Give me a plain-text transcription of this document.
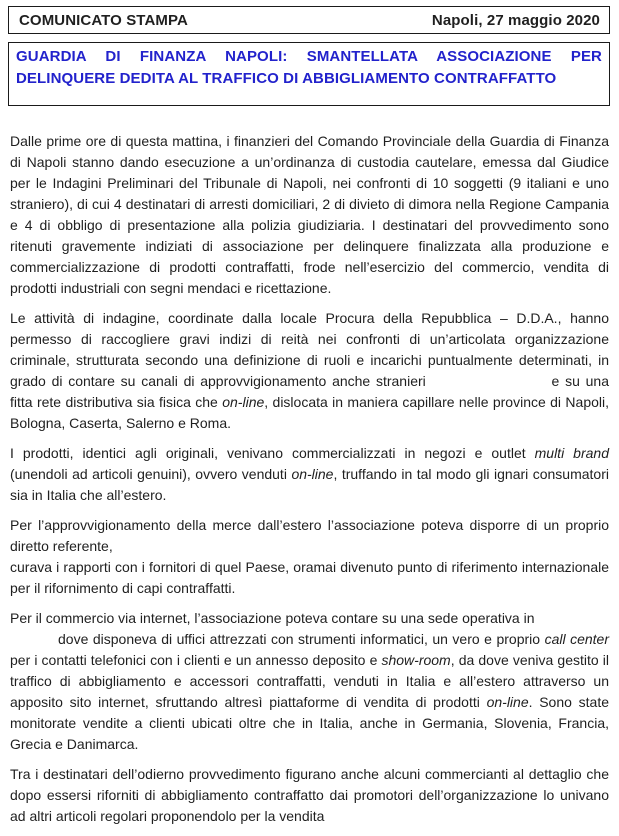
COMUNICATO STAMPA	Napoli, 27 maggio 2020
GUARDIA DI FINANZA NAPOLI: SMANTELLATA ASSOCIAZIONE PER DELINQUERE DEDITA AL TRAFFICO DI ABBIGLIAMENTO CONTRAFFATTO

Dalle prime ore di questa mattina, i finanzieri del Comando Provinciale della Guardia di Finanza di Napoli stanno dando esecuzione a un’ordinanza di custodia cautelare, emessa dal Giudice per le Indagini Preliminari del Tribunale di Napoli, nei confronti di 10 soggetti (9 italiani e uno straniero), di cui 4 destinatari di arresti domiciliari, 2 di divieto di dimora nella Regione Campania e 4 di obbligo di presentazione alla polizia giudiziaria. I destinatari del provvedimento sono ritenuti gravemente indiziati di associazione per delinquere finalizzata alla produzione e commercializzazione di prodotti contraffatti, frode nell’esercizio del commercio, vendita di prodotti industriali con segni mendaci e ricettazione.

Le attività di indagine, coordinate dalla locale Procura della Repubblica – D.D.A., hanno permesso di raccogliere gravi indizi di reità nei confronti di un’articolata organizzazione criminale, strutturata secondo una definizione di ruoli e incarichi puntualmente determinati, in grado di contare su canali di approvvigionamento anche stranieri	e su una fitta rete distributiva sia fisica che on-line, dislocata in maniera capillare nelle province di Napoli, Bologna, Caserta, Salerno e Roma.

I prodotti, identici agli originali, venivano commercializzati in negozi e outlet multi brand (unendoli ad articoli genuini), ovvero venduti on-line, truffando in tal modo gli ignari consumatori sia in Italia che all’estero.

Per l’approvvigionamento della merce dall’estero l’associazione poteva disporre di un proprio diretto referente,
curava i rapporti con i fornitori di quel Paese, oramai divenuto punto di riferimento internazionale per il rifornimento di capi contraffatti.

Per il commercio via internet, l’associazione poteva contare su una sede operativa in
dove disponeva di uffici attrezzati con strumenti informatici, un vero e proprio call center per i contatti telefonici con i clienti e un annesso deposito e show-room, da dove veniva gestito il traffico di abbigliamento e accessori contraffatti, venduti in Italia e all’estero attraverso un apposito sito internet, sfruttando altresì piattaforme di vendita di prodotti on-line. Sono state monitorate vendite a clienti ubicati oltre che in Italia, anche in Germania, Slovenia, Francia, Grecia e Danimarca.

Tra i destinatari dell’odierno provvedimento figurano anche alcuni commercianti al dettaglio che dopo essersi riforniti di abbigliamento contraffatto dai promotori dell’organizzazione lo univano ad altri articoli regolari proponendolo per la vendita
